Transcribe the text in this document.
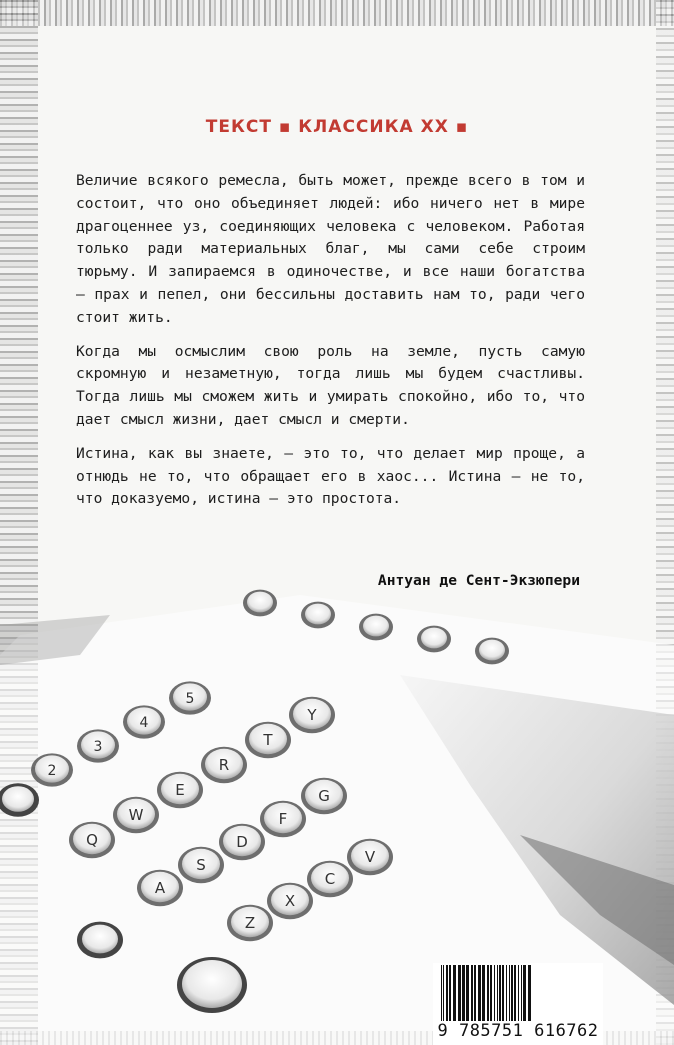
ТЕКСТ ▪ КЛАССИКА XX ▪

Величие всякого ремесла, быть может, прежде всего в том и состоит, что оно объединяет людей: ибо ничего нет в мире драгоценнее уз, соединяющих человека с человеком. Работая только ради материальных благ, мы сами себе строим тюрьму. И запираемся в одиночестве, и все наши богатства — прах и пепел, они бессильны доставить нам то, ради чего стоит жить.

Когда мы осмыслим свою роль на земле, пусть самую скромную и незаметную, тогда лишь мы будем счастливы. Тогда лишь мы сможем жить и умирать спокойно, ибо то, что дает смысл жизни, дает смысл и смерти.

Истина, как вы знаете, – это то, что делает мир проще, а отнюдь не то, что обращает его в хаос... Истина — не то, что доказуемо, истина – это простота.

Антуан де Сент-Экзюпери
2
3
4
5
Q
W
E
R
T
Y
A
S
D
F
G
Z
X
C
V
9 785751 616762
